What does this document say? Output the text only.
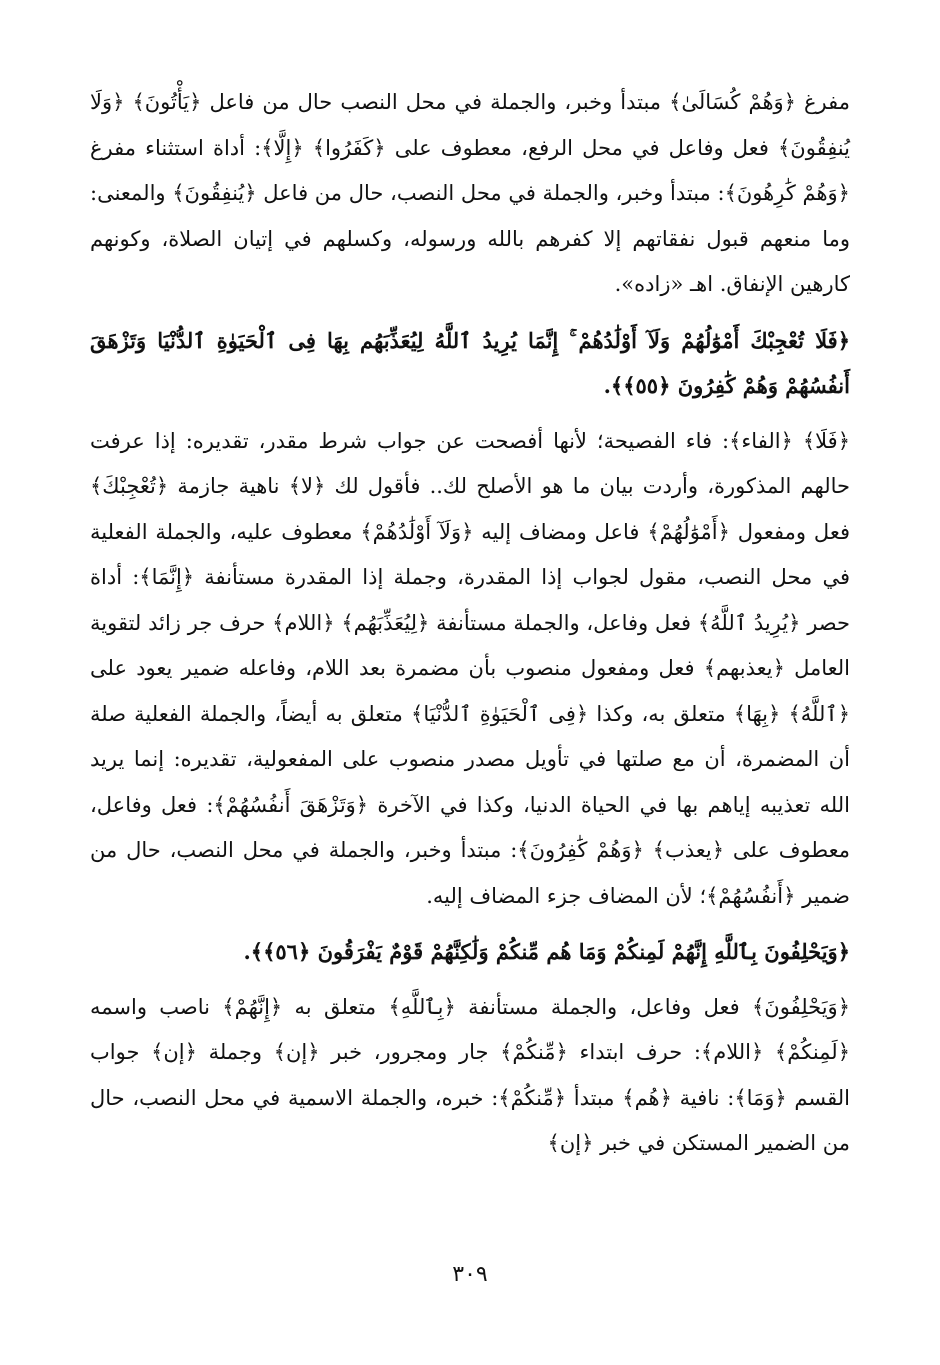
مفرغ ﴿وَهُمْ كُسَالَىٰ﴾ مبتدأ وخبر، والجملة في محل النصب حال من فاعل ﴿يَأْتُونَ﴾ ﴿وَلَا يُنفِقُونَ﴾ فعل وفاعل في محل الرفع، معطوف على ﴿كَفَرُوا﴾ ﴿إِلَّا﴾: أداة استثناء مفرغ ﴿وَهُمْ كَٰرِهُونَ﴾: مبتدأ وخبر، والجملة في محل النصب، حال من فاعل ﴿يُنفِقُونَ﴾ والمعنى: وما منعهم قبول نفقاتهم إلا كفرهم بالله ورسوله، وكسلهم في إتيان الصلاة، وكونهم كارهين الإنفاق. اهـ «زاده».

﴿فَلَا تُعْجِبْكَ أَمْوَٰلُهُمْ وَلَآ أَوْلَٰدُهُمْ ۚ إِنَّمَا يُرِيدُ ٱللَّهُ لِيُعَذِّبَهُم بِهَا فِى ٱلْحَيَوٰةِ ٱلدُّنْيَا وَتَزْهَقَ أَنفُسُهُمْ وَهُمْ كَٰفِرُونَ ﴿٥٥﴾﴾.

﴿فَلَا﴾ ﴿الفاء﴾: فاء الفصيحة؛ لأنها أفصحت عن جواب شرط مقدر، تقديره: إذا عرفت حالهم المذكورة، وأردت بيان ما هو الأصلح لك.. فأقول لك ﴿لا﴾ ناهية جازمة ﴿تُعْجِبْكَ﴾ فعل ومفعول ﴿أَمْوَٰلُهُمْ﴾ فاعل ومضاف إليه ﴿وَلَآ أَوْلَٰدُهُمْ﴾ معطوف عليه، والجملة الفعلية في محل النصب، مقول لجواب إذا المقدرة، وجملة إذا المقدرة مستأنفة ﴿إِنَّمَا﴾: أداة حصر ﴿يُرِيدُ ٱللَّهُ﴾ فعل وفاعل، والجملة مستأنفة ﴿لِيُعَذِّبَهُم﴾ ﴿اللام﴾ حرف جر زائد لتقوية العامل ﴿يعذبهم﴾ فعل ومفعول منصوب بأن مضمرة بعد اللام، وفاعله ضمير يعود على ﴿ٱللَّهُ﴾ ﴿بِهَا﴾ متعلق به، وكذا ﴿فِى ٱلْحَيَوٰةِ ٱلدُّنْيَا﴾ متعلق به أيضاً، والجملة الفعلية صلة أن المضمرة، أن مع صلتها في تأويل مصدر منصوب على المفعولية، تقديره: إنما يريد الله تعذيبه إياهم بها في الحياة الدنيا، وكذا في الآخرة ﴿وَتَزْهَقَ أَنفُسُهُمْ﴾: فعل وفاعل، معطوف على ﴿يعذب﴾ ﴿وَهُمْ كَٰفِرُونَ﴾: مبتدأ وخبر، والجملة في محل النصب، حال من ضمير ﴿أَنفُسُهُمْ﴾؛ لأن المضاف جزء المضاف إليه.

﴿وَيَحْلِفُونَ بِٱللَّهِ إِنَّهُمْ لَمِنكُمْ وَمَا هُم مِّنكُمْ وَلَٰكِنَّهُمْ قَوْمٌ يَفْرَقُونَ ﴿٥٦﴾﴾.

﴿وَيَحْلِفُونَ﴾ فعل وفاعل، والجملة مستأنفة ﴿بِٱللَّهِ﴾ متعلق به ﴿إِنَّهُمْ﴾ ناصب واسمه ﴿لَمِنكُمْ﴾ ﴿اللام﴾: حرف ابتداء ﴿مِّنكُمْ﴾ جار ومجرور، خبر ﴿إن﴾ وجملة ﴿إن﴾ جواب القسم ﴿وَمَا﴾: نافية ﴿هُم﴾ مبتدأ ﴿مِّنكُمْ﴾: خبره، والجملة الاسمية في محل النصب، حال من الضمير المستكن في خبر ﴿إن﴾

٣٠٩
